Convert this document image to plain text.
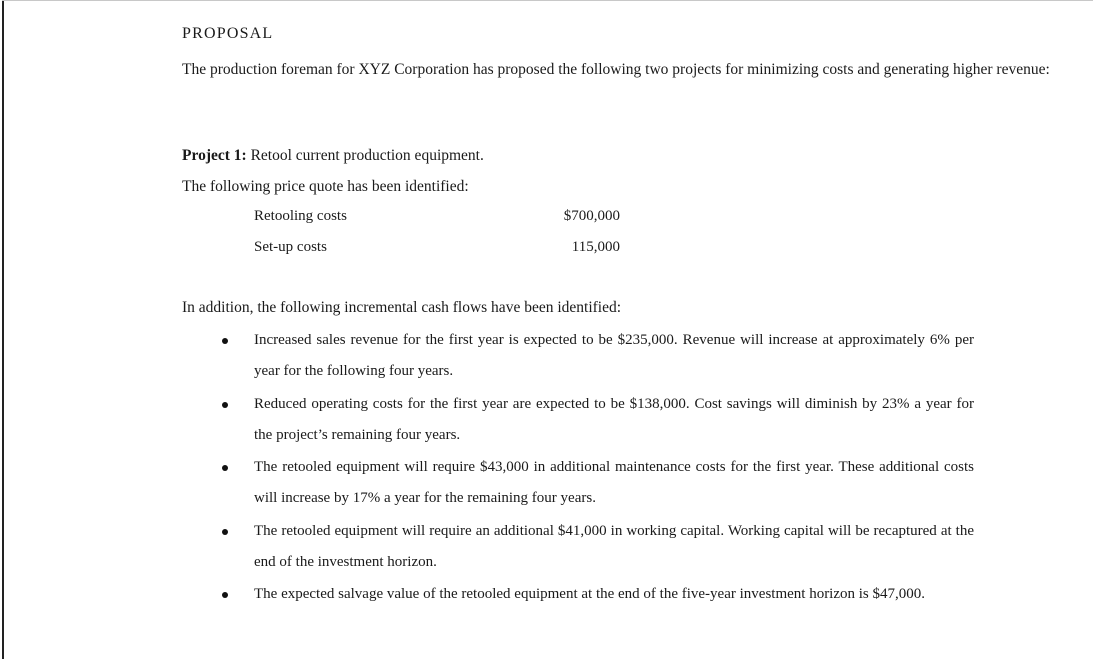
PROPOSAL
The production foreman for XYZ Corporation has proposed the following two projects for minimizing costs and generating higher revenue:
Project 1: Retool current production equipment.
The following price quote has been identified:
Retooling costs	$700,000
Set-up costs	115,000
In addition, the following incremental cash flows have been identified:
Increased sales revenue for the first year is expected to be $235,000. Revenue will increase at approximately 6% per year for the following four years.
Reduced operating costs for the first year are expected to be $138,000. Cost savings will diminish by 23% a year for the project’s remaining four years.
The retooled equipment will require $43,000 in additional maintenance costs for the first year. These additional costs will increase by 17% a year for the remaining four years.
The retooled equipment will require an additional $41,000 in working capital. Working capital will be recaptured at the end of the investment horizon.
The expected salvage value of the retooled equipment at the end of the five-year investment horizon is $47,000.
